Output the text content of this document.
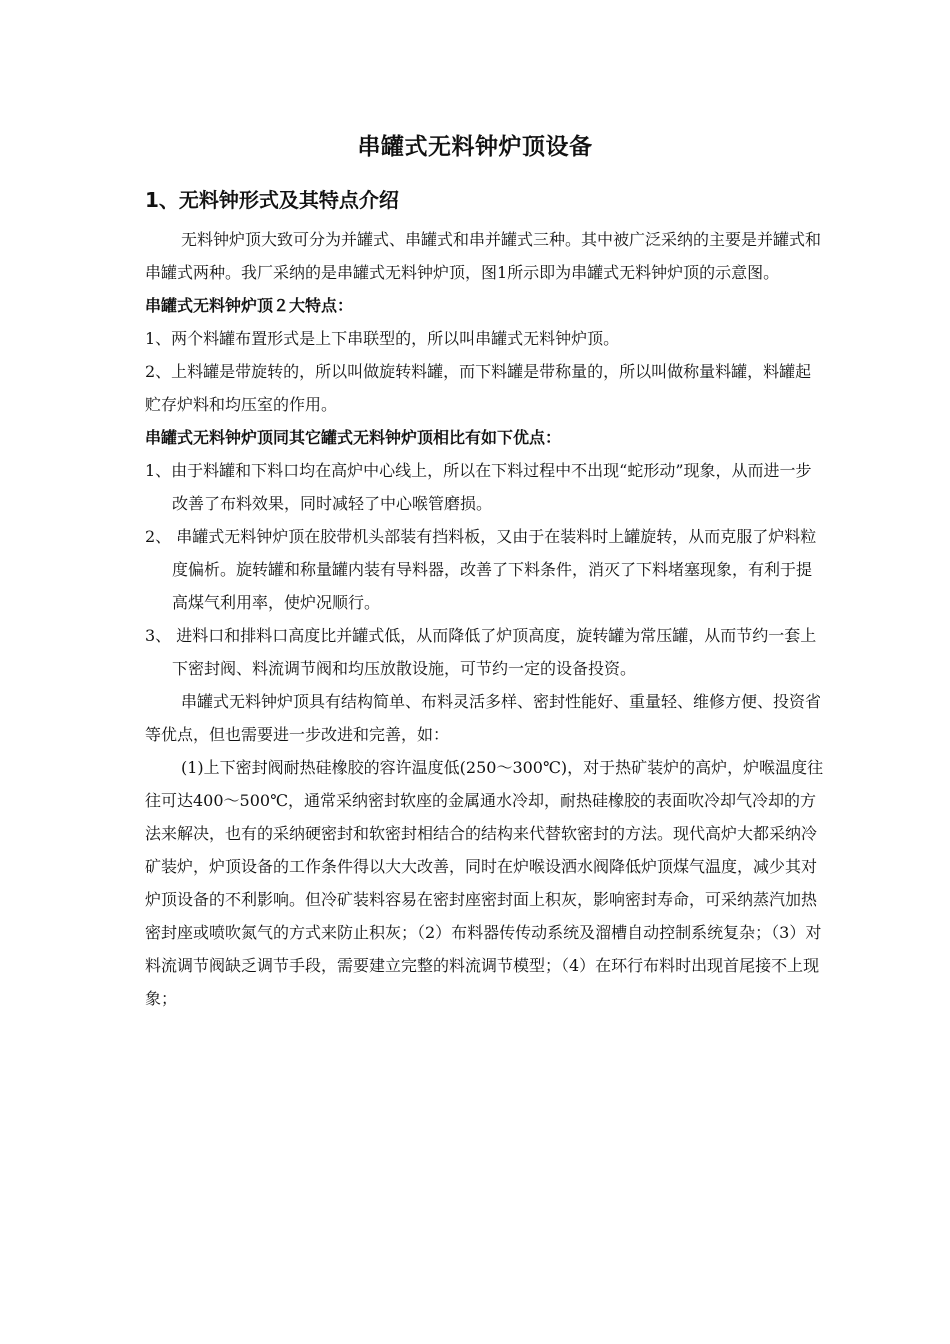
串罐式无料钟炉顶设备
1、无料钟形式及其特点介绍

无料钟炉顶大致可分为并罐式、串罐式和串并罐式三种。其中被广泛采纳的主要是并罐式和串罐式两种。我厂采纳的是串罐式无料钟炉顶，图1所示即为串罐式无料钟炉顶的示意图。

串罐式无料钟炉顶２大特点：

1、两个料罐布置形式是上下串联型的，所以叫串罐式无料钟炉顶。

2、上料罐是带旋转的，所以叫做旋转料罐，而下料罐是带称量的，所以叫做称量料罐，料罐起贮存炉料和均压室的作用。

串罐式无料钟炉顶同其它罐式无料钟炉顶相比有如下优点：

1、由于料罐和下料口均在高炉中心线上，所以在下料过程中不出现“蛇形动”现象，从而进一步改善了布料效果，同时减轻了中心喉管磨损。

2、 串罐式无料钟炉顶在胶带机头部装有挡料板，又由于在装料时上罐旋转，从而克服了炉料粒度偏析。旋转罐和称量罐内装有导料器，改善了下料条件，消灭了下料堵塞现象，有利于提高煤气利用率，使炉况顺行。

3、 进料口和排料口高度比并罐式低，从而降低了炉顶高度，旋转罐为常压罐，从而节约一套上下密封阀、料流调节阀和均压放散设施，可节约一定的设备投资。

串罐式无料钟炉顶具有结构简单、布料灵活多样、密封性能好、重量轻、维修方便、投资省等优点，但也需要进一步改进和完善，如：

(1)上下密封阀耐热硅橡胶的容许温度低(250～300℃)，对于热矿装炉的高炉，炉喉温度往往可达400～500℃，通常采纳密封软座的金属通水冷却，耐热硅橡胶的表面吹冷却气冷却的方法来解决，也有的采纳硬密封和软密封相结合的结构来代替软密封的方法。现代高炉大都采纳冷矿装炉，炉顶设备的工作条件得以大大改善，同时在炉喉设洒水阀降低炉顶煤气温度，减少其对炉顶设备的不利影响。但冷矿装料容易在密封座密封面上积灰，影响密封寿命，可采纳蒸汽加热密封座或喷吹氮气的方式来防止积灰；（2）布料器传传动系统及溜槽自动控制系统复杂；（3）对料流调节阀缺乏调节手段，需要建立完整的料流调节模型；（4）在环行布料时出现首尾接不上现象；
